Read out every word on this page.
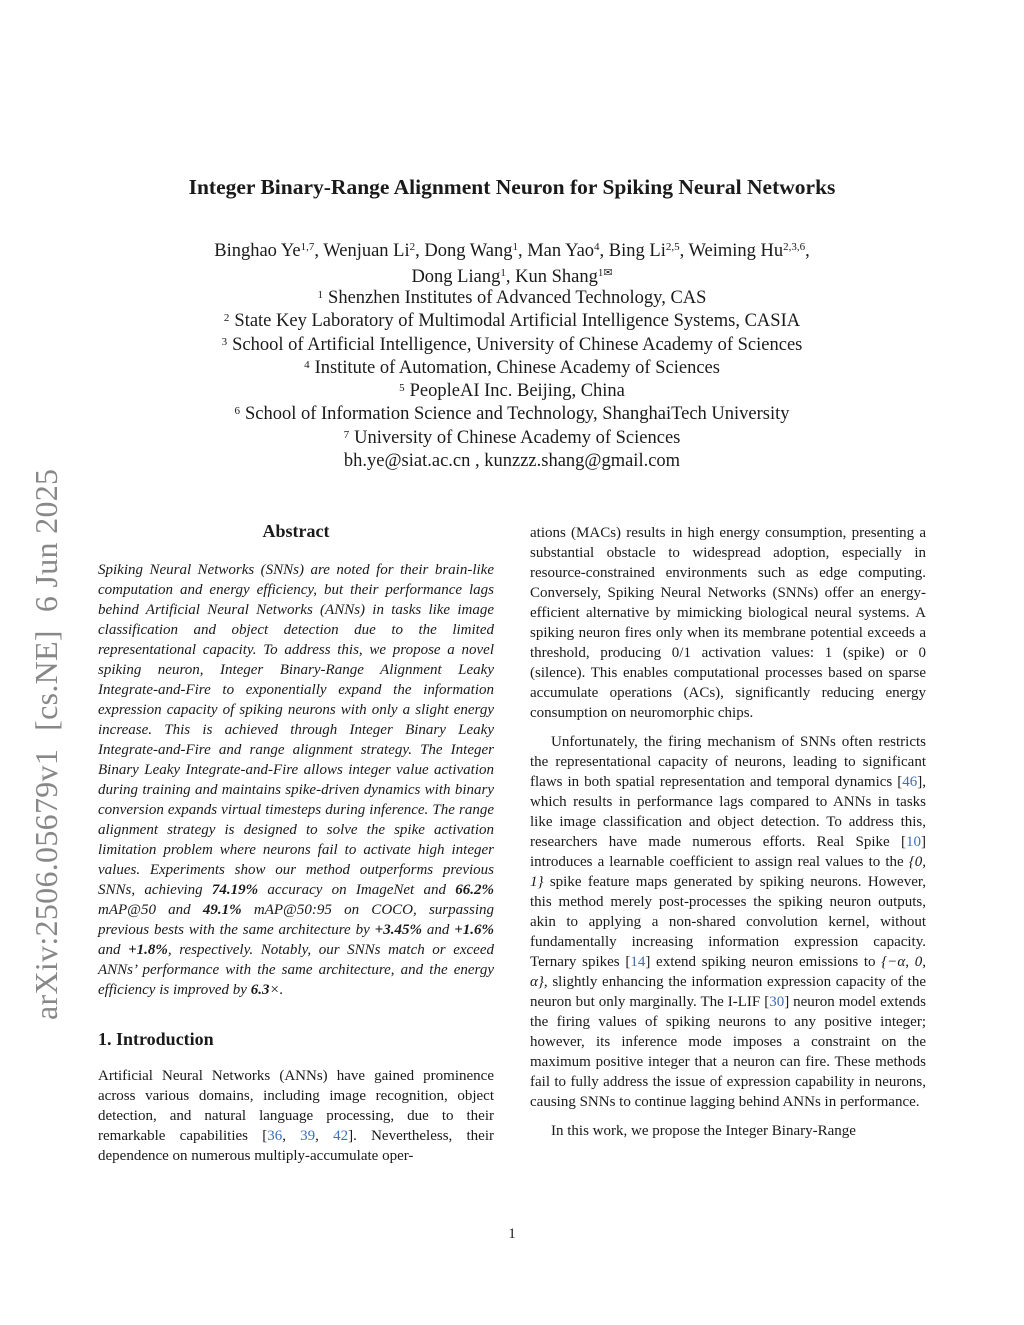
arXiv:2506.05679v1[cs.NE]6 Jun 2025
Integer Binary-Range Alignment Neuron for Spiking Neural Networks
Binghao Ye$^{1,7}$, Wenjuan Li$^2$, Dong Wang$^1$, Man Yao$^4$, Bing Li$^{2,5}$, Weiming Hu$^{2,3,6}$,
Dong Liang$^1$, Kun Shang$^{1✉}$
$^1$ Shenzhen Institutes of Advanced Technology, CAS
$^2$ State Key Laboratory of Multimodal Artificial Intelligence Systems, CASIA
$^3$ School of Artificial Intelligence, University of Chinese Academy of Sciences
$^4$ Institute of Automation, Chinese Academy of Sciences
$^5$ PeopleAI Inc. Beijing, China
$^6$ School of Information Science and Technology, ShanghaiTech University
$^7$ University of Chinese Academy of Sciences
bh.ye@siat.ac.cn , kunzzz.shang@gmail.com
Abstract

Spiking Neural Networks (SNNs) are noted for their brain-like computation and energy efficiency, but their performance lags behind Artificial Neural Networks (ANNs) in tasks like image classification and object detection due to the limited representational capacity. To address this, we propose a novel spiking neuron, Integer Binary-Range Alignment Leaky Integrate-and-Fire to exponentially expand the information expression capacity of spiking neurons with only a slight energy increase. This is achieved through Integer Binary Leaky Integrate-and-Fire and range alignment strategy. The Integer Binary Leaky Integrate-and-Fire allows integer value activation during training and maintains spike-driven dynamics with binary conversion expands virtual timesteps during inference. The range alignment strategy is designed to solve the spike activation limitation problem where neurons fail to activate high integer values. Experiments show our method outperforms previous SNNs, achieving 74.19% accuracy on ImageNet and 66.2% mAP@50 and 49.1% mAP@50:95 on COCO, surpassing previous bests with the same architecture by +3.45% and +1.6% and +1.8%, respectively. Notably, our SNNs match or exceed ANNs’ performance with the same architecture, and the energy efficiency is improved by 6.3×.

1. Introduction

Artificial Neural Networks (ANNs) have gained prominence across various domains, including image recognition, object detection, and natural language processing, due to their remarkable capabilities [36, 39, 42]. Nevertheless, their dependence on numerous multiply-accumulate oper-

ations (MACs) results in high energy consumption, presenting a substantial obstacle to widespread adoption, especially in resource-constrained environments such as edge computing. Conversely, Spiking Neural Networks (SNNs) offer an energy-efficient alternative by mimicking biological neural systems. A spiking neuron fires only when its membrane potential exceeds a threshold, producing 0/1 activation values: 1 (spike) or 0 (silence). This enables computational processes based on sparse accumulate operations (ACs), significantly reducing energy consumption on neuromorphic chips.

Unfortunately, the firing mechanism of SNNs often restricts the representational capacity of neurons, leading to significant flaws in both spatial representation and temporal dynamics [46], which results in performance lags compared to ANNs in tasks like image classification and object detection. To address this, researchers have made numerous efforts. Real Spike [10] introduces a learnable coefficient to assign real values to the {0, 1} spike feature maps generated by spiking neurons. However, this method merely post-processes the spiking neuron outputs, akin to applying a non-shared convolution kernel, without fundamentally increasing information expression capacity. Ternary spikes [14] extend spiking neuron emissions to {−α, 0, α}, slightly enhancing the information expression capacity of the neuron but only marginally. The I-LIF [30] neuron model extends the firing values of spiking neurons to any positive integer; however, its inference mode imposes a constraint on the maximum positive integer that a neuron can fire. These methods fail to fully address the issue of expression capability in neurons, causing SNNs to continue lagging behind ANNs in performance.

In this work, we propose the Integer Binary-Range

1
